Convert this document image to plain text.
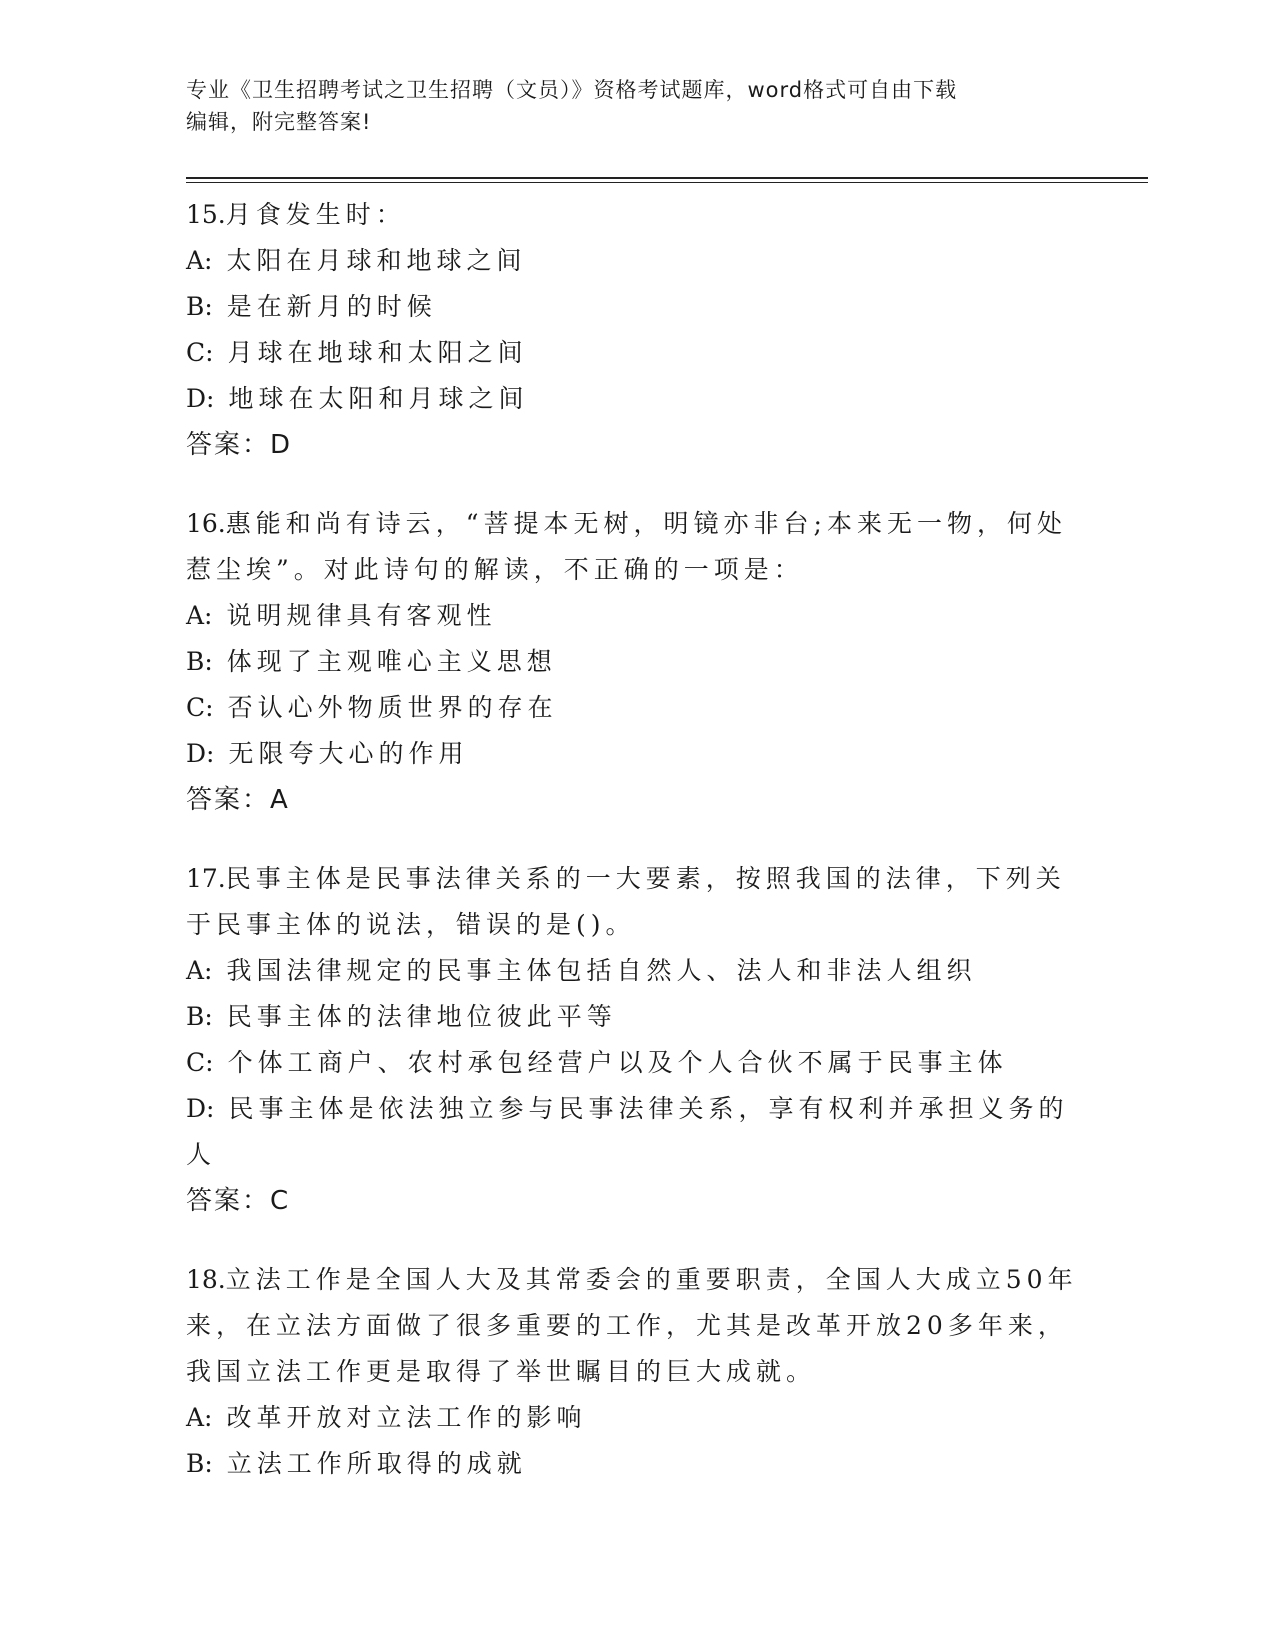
专业《卫生招聘考试之卫生招聘（文员）》资格考试题库，word格式可自由下载
编辑，附完整答案!

15.月食发生时：

A: 太阳在月球和地球之间

B: 是在新月的时候

C: 月球在地球和太阳之间

D: 地球在太阳和月球之间

答案：D

16.惠能和尚有诗云，“菩提本无树，明镜亦非台;本来无一物，何处惹尘埃”。对此诗句的解读，不正确的一项是：

A: 说明规律具有客观性

B: 体现了主观唯心主义思想

C: 否认心外物质世界的存在

D: 无限夸大心的作用

答案：A

17.民事主体是民事法律关系的一大要素，按照我国的法律，下列关于民事主体的说法，错误的是()。

A: 我国法律规定的民事主体包括自然人、法人和非法人组织

B: 民事主体的法律地位彼此平等

C: 个体工商户、农村承包经营户以及个人合伙不属于民事主体

D: 民事主体是依法独立参与民事法律关系，享有权利并承担义务的人

答案：C

18.立法工作是全国人大及其常委会的重要职责，全国人大成立50年来，在立法方面做了很多重要的工作，尤其是改革开放20多年来，我国立法工作更是取得了举世瞩目的巨大成就。

A: 改革开放对立法工作的影响

B: 立法工作所取得的成就
